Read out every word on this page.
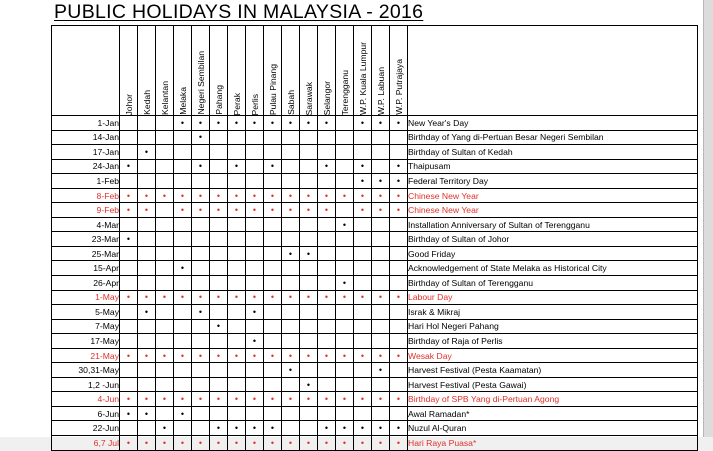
PUBLIC HOLIDAYS IN MALAYSIA - 2016

	Johor	Kedah	Kelantan	Melaka	Negeri Sembilan	Pahang	Perak	Perlis	Pulau Pinang	Sabah	Sarawak	Selangor	Terengganu	W.P. Kuala Lumpur	W.P. Labuan	W.P. Putrajaya	

1-Jan				•	•	•	•	•	•	•	•	•		•	•	•	New Year's Day
14-Jan					•												Birthday of Yang di-Pertuan Besar Negeri Sembilan
17-Jan		•															Birthday of Sultan of Kedah
24-Jan	•				•		•		•			•		•		•	Thaipusam
1-Feb														•	•	•	Federal Territory Day
8-Feb	•	•	•	•	•	•	•	•	•	•	•	•	•	•	•	•	Chinese New Year
9-Feb	•	•		•	•	•	•	•	•	•	•	•		•	•	•	Chinese New Year
4-Mar													•				Installation Anniversary of Sultan of Terengganu
23-Mar	•																Birthday of Sultan of Johor
25-Mar										•	•						Good Friday
15-Apr				•													Acknowledgement of State Melaka as Historical City
26-Apr													•				Birthday of Sultan of Terengganu
1-May	•	•	•	•	•	•	•	•	•	•	•	•	•	•	•	•	Labour Day
5-May		•			•			•									Israk & Mikraj
7-May						•											Hari Hol Negeri Pahang
17-May								•									Birthday of Raja of Perlis
21-May	•	•	•	•	•	•	•	•	•	•	•	•	•	•	•	•	Wesak Day
30,31-May										•					•		Harvest Festival (Pesta Kaamatan)
1,2 -Jun											•						Harvest Festival (Pesta Gawai)
4-Jun	•	•	•	•	•	•	•	•	•	•	•	•	•	•	•	•	Birthday of SPB Yang di-Pertuan Agong
6-Jun	•	•		•													Awal Ramadan*
22-Jun			•			•	•	•	•			•	•	•	•	•	Nuzul Al-Quran
6,7 Jul	•	•	•	•	•	•	•	•	•	•	•	•	•	•	•	•	Hari Raya Puasa*
